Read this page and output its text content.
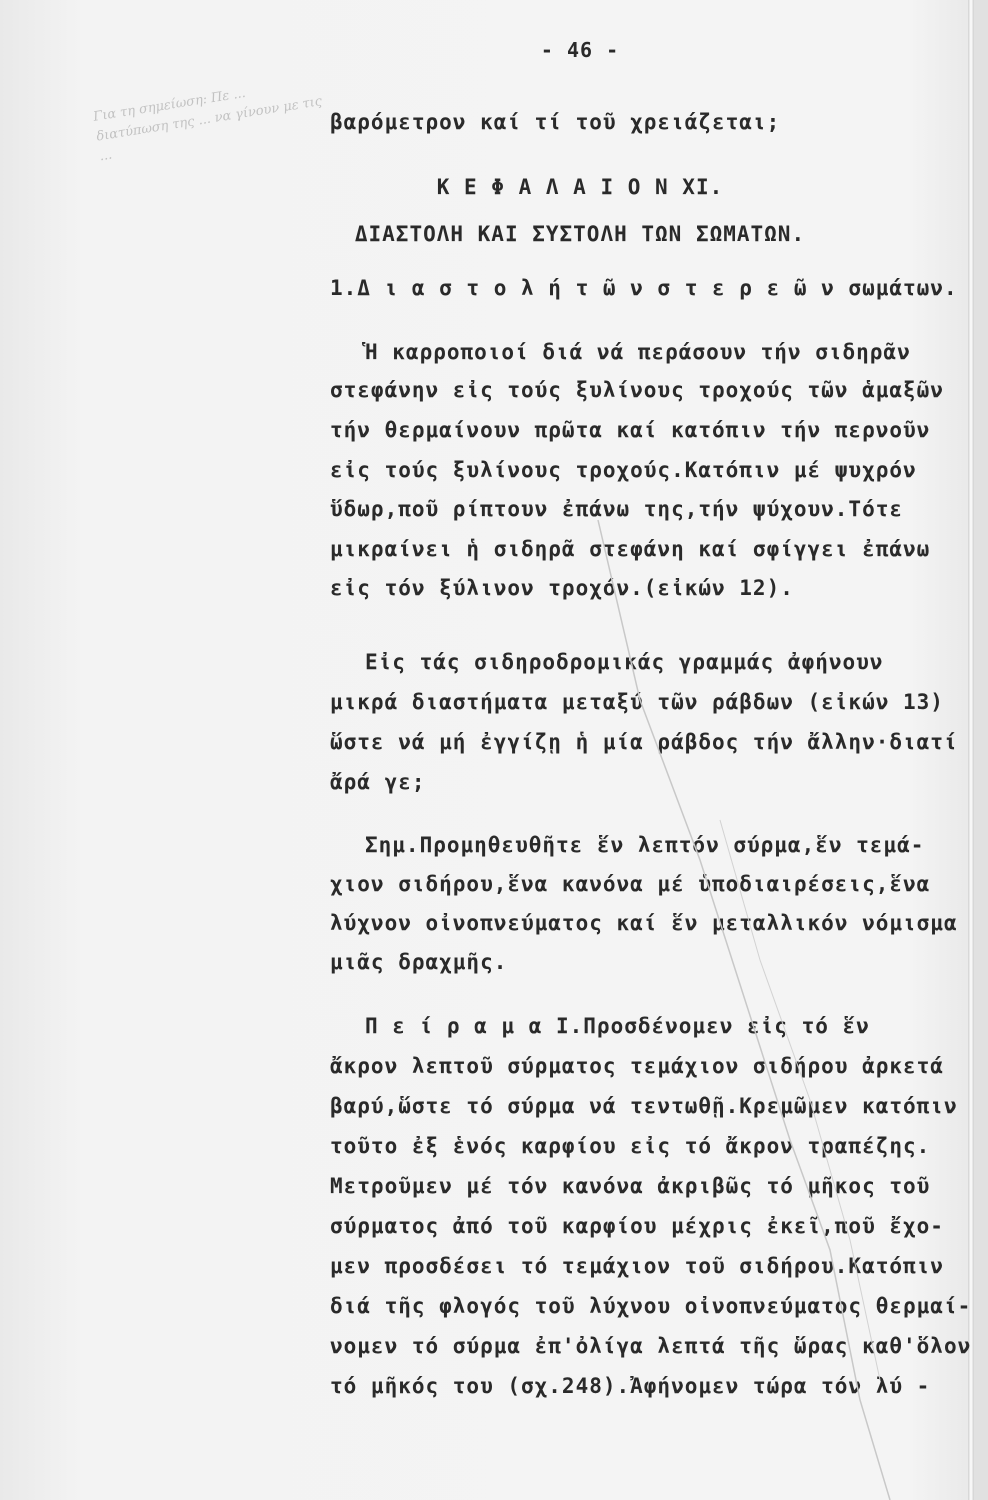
Για τη σημείωση: Πε ... διατύπωση της ... να γίνουν με τις ...
- 46 -
βαρόμετρον καί τί τοῦ χρειάζεται;
Κ Ε Φ Α Λ Α Ι Ο Ν ΧΙ.
ΔΙΑΣΤΟΛΗ ΚΑΙ ΣΥΣΤΟΛΗ ΤΩΝ ΣΩΜΑΤΩΝ.
1.Δ ι α σ τ ο λ ή τ ῶ ν σ τ ε ρ ε ῶ ν σωμάτων.
Ἡ καρροποιοί διά νά περάσουν τήν σιδηρᾶν
στεφάνην εἰς τούς ξυλίνους τροχούς τῶν ἁμαξῶν
τήν θερμαίνουν πρῶτα καί κατόπιν τήν περνοῦν
εἰς τούς ξυλίνους τροχούς.Κατόπιν μέ ψυχρόν
ὕδωρ,ποῦ ρίπτουν ἐπάνω της,τήν ψύχουν.Τότε
μικραίνει ἡ σιδηρᾶ στεφάνη καί σφίγγει ἐπάνω
εἰς τόν ξύλινον τροχόν.(εἰκών 12).
Εἰς τάς σιδηροδρομικάς γραμμάς ἀφήνουν
μικρά διαστήματα μεταξύ τῶν ράβδων (εἰκών 13)
ὥστε νά μή ἐγγίζῃ ἡ μία ράβδος τήν ἄλλην·διατί
ἄρά γε;
Σημ.Προμηθευθῆτε ἕν λεπτόν σύρμα,ἕν τεμά-
χιον σιδήρου,ἕνα κανόνα μέ ὑποδιαιρέσεις,ἕνα
λύχνον οἰνοπνεύματος καί ἕν μεταλλικόν νόμισμα
μιᾶς δραχμῆς.
Π ε ί ρ α μ α Ι.Προσδένομεν εἰς τό ἕν
ἄκρον λεπτοῦ σύρματος τεμάχιον σιδήρου ἀρκετά
βαρύ,ὥστε τό σύρμα νά τεντωθῇ.Κρεμῶμεν κατόπιν
τοῦτο ἐξ ἑνός καρφίου εἰς τό ἄκρον τραπέζης.
Μετροῦμεν μέ τόν κανόνα ἀκριβῶς τό μῆκος τοῦ
σύρματος ἀπό τοῦ καρφίου μέχρις ἐκεῖ,ποῦ ἔχο-
μεν προσδέσει τό τεμάχιον τοῦ σιδήρου.Κατόπιν
διά τῆς φλογός τοῦ λύχνου οἰνοπνεύματος θερμαί-
νομεν τό σύρμα ἐπ'ὀλίγα λεπτά τῆς ὥρας καθ'ὅλον
τό μῆκός του (σχ.248).Ἀφήνομεν τώρα τόν λύ -
